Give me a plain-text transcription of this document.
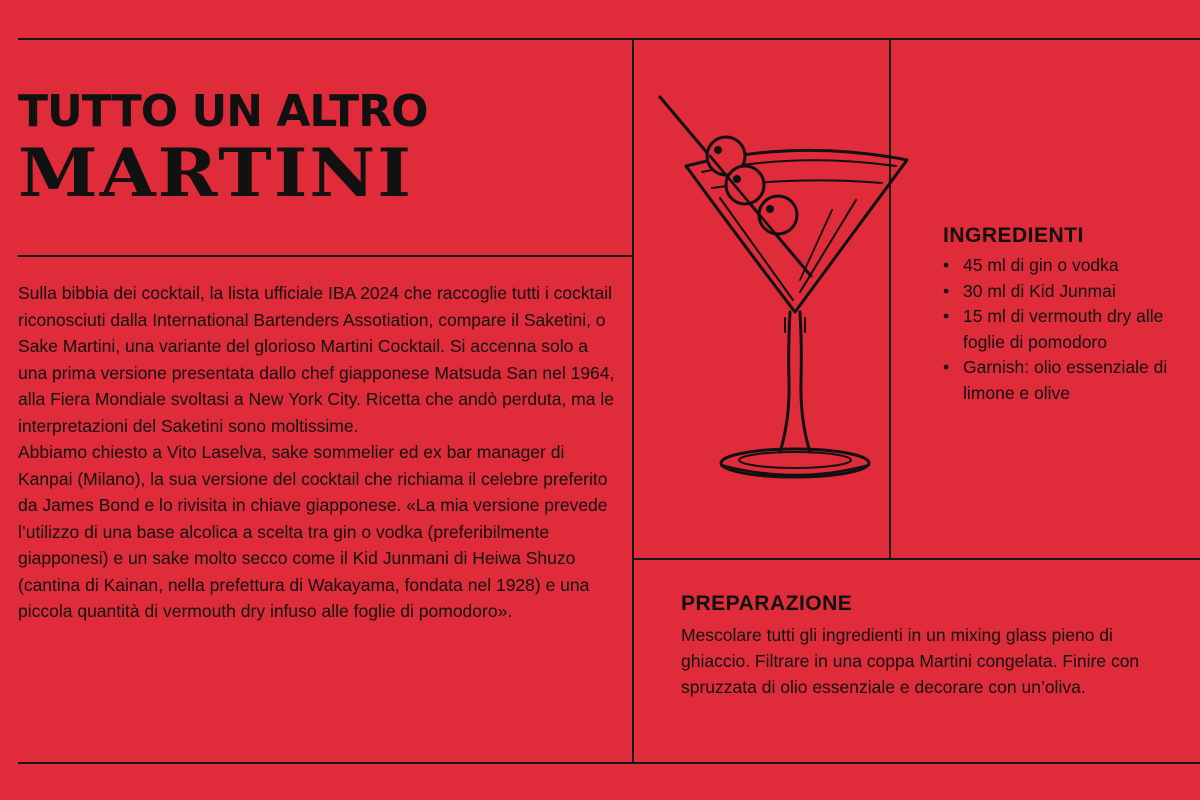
TUTTO UN ALTRO
MARTINI

Sulla bibbia dei cocktail, la lista ufficiale IBA 2024 che raccoglie tutti i cocktail riconosciuti dalla International Bartenders Assotiation, compare il Saketini, o Sake Martini, una variante del glorioso Martini Cocktail. Si accenna solo a una prima versione presentata dallo chef giapponese Matsuda San nel 1964, alla Fiera Mondiale svoltasi a New York City. Ricetta che andò perduta, ma le interpretazioni del Saketini sono moltissime.

Abbiamo chiesto a Vito Laselva, sake sommelier ed ex bar manager di Kanpai (Milano), la sua versione del cocktail che richiama il celebre preferito da James Bond e lo rivisita in chiave giapponese. «La mia versione prevede l’utilizzo di una base alcolica a scelta tra gin o vodka (preferibilmente giapponesi) e un sake molto secco come il Kid Junmani di Heiwa Shuzo (cantina di Kainan, nella prefettura di Wakayama, fondata nel 1928) e una piccola quantità di vermouth dry infuso alle foglie di pomodoro».

INGREDIENTI
• 45 ml di gin o vodka
• 30 ml di Kid Junmai
• 15 ml di vermouth dry alle foglie di pomodoro
• Garnish: olio essenziale di limone e olive
PREPARAZIONE
Mescolare tutti gli ingredienti in un mixing glass pieno di ghiaccio. Filtrare in una coppa Martini congelata. Finire con spruzzata di olio essenziale e decorare con un’oliva.
